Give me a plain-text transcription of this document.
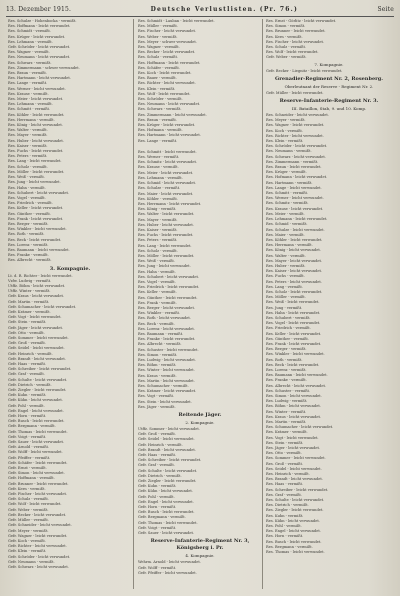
13. Dezember 1915.	Deutsche Verlustlisten. (Pr. 76.)	Seite
Res. Schulze - Hohenbocka - vermißt.
Res. Hoffmann - leicht verwundet.
Res. Schmidt - vermißt.
Res. Krüger - leicht verwundet.
Res. Lehmann - vermißt.
Gefr. Schröder - leicht verwundet.
Res. Wagner - vermißt.
Res. Neumann - leicht verwundet.
Res. Schwarz - vermißt.
Res. Zimmermann - schwer verwundet.
Res. Braun - vermißt.
Res. Hartmann - leicht verwundet.
Res. Lange - vermißt.
Res. Werner - leicht verwundet.
Res. Krause - vermißt.
Res. Meier - leicht verwundet.
Res. Lehmann - vermißt.
Res. Schmitt - vermißt.
Res. Köhler - leicht verwundet.
Res. Herrmann - vermißt.
Res. König - leicht verwundet.
Res. Walter - vermißt.
Res. Mayer - vermißt.
Res. Huber - leicht verwundet.
Res. Kaiser - vermißt.
Res. Fuchs - leicht verwundet.
Res. Peters - vermißt.
Res. Lang - leicht verwundet.
Res. Scholz - vermißt.
Res. Möller - leicht verwundet.
Res. Weiß - vermißt.
Res. Jung - leicht verwundet.
Res. Hahn - vermißt.
Res. Schubert - leicht verwundet.
Res. Vogel - vermißt.
Res. Friedrich - vermißt.
Res. Keller - leicht verwundet.
Res. Günther - vermißt.
Res. Frank - leicht verwundet.
Res. Berger - vermißt.
Res. Winkler - leicht verwundet.
Res. Roth - vermißt.
Res. Beck - leicht verwundet.
Res. Lorenz - vermißt.
Res. Baumann - leicht verwundet.
Res. Franke - vermißt.
Res. Albrecht - vermißt.
3. Kompagnie.
Lt. d. R. Richter - leicht verwundet.
Vzfw. Ludwig - vermißt.
Utffz. Böhm - leicht verwundet.
Utffz. Winter - vermißt.
Gefr. Kraus - leicht verwundet.
Gefr. Martin - vermißt.
Gefr. Schumacher - leicht verwundet.
Gefr. Krämer - vermißt.
Gefr. Vogt - leicht verwundet.
Gefr. Stein - vermißt.
Gefr. Jäger - leicht verwundet.
Gefr. Otto - vermißt.
Gefr. Sommer - leicht verwundet.
Gefr. Groß - vermißt.
Gefr. Seidel - leicht verwundet.
Gefr. Heinrich - vermißt.
Gefr. Brandt - leicht verwundet.
Gefr. Haas - vermißt.
Gefr. Schreiber - leicht verwundet.
Gefr. Graf - vermißt.
Gefr. Schulte - leicht verwundet.
Gefr. Dietrich - vermißt.
Gefr. Ziegler - leicht verwundet.
Gefr. Kuhn - vermißt.
Gefr. Kühn - leicht verwundet.
Gefr. Pohl - vermißt.
Gefr. Engel - leicht verwundet.
Gefr. Horn - vermißt.
Gefr. Busch - leicht verwundet.
Gefr. Bergmann - vermißt.
Gefr. Thomas - leicht verwundet.
Gefr. Voigt - vermißt.
Gefr. Sauer - leicht verwundet.
Gefr. Arnold - vermißt.
Gefr. Wolff - leicht verwundet.
Gefr. Pfeiffer - vermißt.
Gefr. Schäfer - leicht verwundet.
Gefr. Ernst - vermißt.
Gefr. Simon - leicht verwundet.
Gefr. Hoffmann - vermißt.
Gefr. Brunner - leicht verwundet.
Gefr. Kern - vermißt.
Gefr. Fischer - leicht verwundet.
Gefr. Schulz - vermißt.
Gefr. Wolf - leicht verwundet.
Gefr. Weber - vermißt.
Gefr. Becker - leicht verwundet.
Gefr. Müller - vermißt.
Gefr. Schneider - leicht verwundet.
Gefr. Meyer - vermißt.
Gefr. Wagner - leicht verwundet.
Gefr. Koch - vermißt.
Gefr. Richter - leicht verwundet.
Gefr. Klein - vermißt.
Gefr. Schröder - leicht verwundet.
Gefr. Neumann - vermißt.
Gefr. Schwarz - leicht verwundet.
Res. Schmidt - Lauban - leicht verwundet.
Res. Müller - vermißt.
Res. Fischer - leicht verwundet.
Res. Weber - vermißt.
Res. Meyer - schwer verwundet.
Res. Wagner - vermißt.
Res. Becker - leicht verwundet.
Res. Schulz - vermißt.
Res. Hoffmann - leicht verwundet.
Res. Schäfer - vermißt.
Res. Koch - leicht verwundet.
Res. Bauer - vermißt.
Res. Richter - leicht verwundet.
Res. Klein - vermißt.
Res. Wolf - leicht verwundet.
Res. Schröder - vermißt.
Res. Neumann - leicht verwundet.
Res. Schwarz - vermißt.
Res. Zimmermann - leicht verwundet.
Res. Braun - vermißt.
Res. Krüger - leicht verwundet.
Res. Hofmann - vermißt.
Res. Hartmann - leicht verwundet.
Res. Lange - vermißt.
Res. Schmitt - leicht verwundet.
Res. Werner - vermißt.
Res. Schmitz - leicht verwundet.
Res. Krause - vermißt.
Res. Meier - leicht verwundet.
Res. Lehmann - vermißt.
Res. Schmid - leicht verwundet.
Res. Schulze - vermißt.
Res. Maier - leicht verwundet.
Res. Köhler - vermißt.
Res. Herrmann - leicht verwundet.
Res. König - vermißt.
Res. Walter - leicht verwundet.
Res. Mayer - vermißt.
Res. Huber - leicht verwundet.
Res. Kaiser - vermißt.
Res. Fuchs - leicht verwundet.
Res. Peters - vermißt.
Res. Lang - leicht verwundet.
Res. Scholz - vermißt.
Res. Möller - leicht verwundet.
Res. Weiß - vermißt.
Res. Jung - leicht verwundet.
Res. Hahn - vermißt.
Res. Schubert - leicht verwundet.
Res. Vogel - vermißt.
Res. Friedrich - leicht verwundet.
Res. Keller - vermißt.
Res. Günther - leicht verwundet.
Res. Frank - vermißt.
Res. Berger - leicht verwundet.
Res. Winkler - vermißt.
Res. Roth - leicht verwundet.
Res. Beck - vermißt.
Res. Lorenz - leicht verwundet.
Res. Baumann - vermißt.
Res. Franke - leicht verwundet.
Res. Albrecht - vermißt.
Res. Schuster - leicht verwundet.
Res. Simon - vermißt.
Res. Ludwig - leicht verwundet.
Res. Böhm - vermißt.
Res. Winter - leicht verwundet.
Res. Kraus - vermißt.
Res. Martin - leicht verwundet.
Res. Schumacher - vermißt.
Res. Krämer - leicht verwundet.
Res. Vogt - vermißt.
Res. Stein - leicht verwundet.
Res. Jäger - vermißt.
Reitende Jäger.
2. Kompagnie.
Utffz. Sommer - leicht verwundet.
Gefr. Groß - vermißt.
Gefr. Seidel - leicht verwundet.
Gefr. Heinrich - vermißt.
Gefr. Brandt - leicht verwundet.
Gefr. Haas - vermißt.
Gefr. Schreiber - leicht verwundet.
Gefr. Graf - vermißt.
Gefr. Schulte - leicht verwundet.
Gefr. Dietrich - vermißt.
Gefr. Ziegler - leicht verwundet.
Gefr. Kuhn - vermißt.
Gefr. Kühn - leicht verwundet.
Gefr. Pohl - vermißt.
Gefr. Engel - leicht verwundet.
Gefr. Horn - vermißt.
Gefr. Busch - leicht verwundet.
Gefr. Bergmann - vermißt.
Gefr. Thomas - leicht verwundet.
Gefr. Voigt - vermißt.
Gefr. Sauer - leicht verwundet.
Reserve-Infanterie-Regiment Nr. 3, Königsberg i. Pr.
4. Kompagnie.
Wehrm. Arnold - leicht verwundet.
Gefr. Wolff - vermißt.
Gefr. Pfeiffer - leicht verwundet.
Res. Ernst - Görlitz - leicht verwundet.
Res. Simon - vermißt.
Res. Brunner - leicht verwundet.
Res. Kern - vermißt.
Res. Fischer - leicht verwundet.
Res. Schulz - vermißt.
Res. Wolf - leicht verwundet.
Gefr. Weber - vermißt.
7. Kompagnie.
Gefr. Becker - Liegnitz - leicht verwundet.
Grenadier-Regiment Nr. 2, Rosenberg.
Oberleutnant der Reserve - Regiment Nr. 2.
Gefr. Müller - leicht verwundet.
Reserve-Infanterie-Regiment Nr. 3.
III. Bataillon, Stab, 9. und 10. Komp.
Res. Schneider - leicht verwundet.
Res. Meyer - vermißt.
Res. Wagner - leicht verwundet.
Res. Koch - vermißt.
Res. Richter - leicht verwundet.
Res. Klein - vermißt.
Res. Schröder - leicht verwundet.
Res. Neumann - vermißt.
Res. Schwarz - leicht verwundet.
Res. Zimmermann - vermißt.
Res. Braun - leicht verwundet.
Res. Krüger - vermißt.
Res. Hofmann - leicht verwundet.
Res. Hartmann - vermißt.
Res. Lange - leicht verwundet.
Res. Schmitt - vermißt.
Res. Werner - leicht verwundet.
Res. Schmitz - vermißt.
Res. Krause - leicht verwundet.
Res. Meier - vermißt.
Res. Lehmann - leicht verwundet.
Res. Schmid - vermißt.
Res. Schulze - leicht verwundet.
Res. Maier - vermißt.
Res. Köhler - leicht verwundet.
Res. Herrmann - vermißt.
Res. König - leicht verwundet.
Res. Walter - vermißt.
Res. Mayer - leicht verwundet.
Res. Huber - vermißt.
Res. Kaiser - leicht verwundet.
Res. Fuchs - vermißt.
Res. Peters - leicht verwundet.
Res. Lang - vermißt.
Res. Scholz - leicht verwundet.
Res. Möller - vermißt.
Res. Weiß - leicht verwundet.
Res. Jung - vermißt.
Res. Hahn - leicht verwundet.
Res. Schubert - vermißt.
Res. Vogel - leicht verwundet.
Res. Friedrich - vermißt.
Res. Keller - leicht verwundet.
Res. Günther - vermißt.
Res. Frank - leicht verwundet.
Res. Berger - vermißt.
Res. Winkler - leicht verwundet.
Res. Roth - vermißt.
Res. Beck - leicht verwundet.
Res. Lorenz - vermißt.
Res. Baumann - leicht verwundet.
Res. Franke - vermißt.
Res. Albrecht - leicht verwundet.
Res. Schuster - vermißt.
Res. Simon - leicht verwundet.
Res. Ludwig - vermißt.
Res. Böhm - leicht verwundet.
Res. Winter - vermißt.
Res. Kraus - leicht verwundet.
Res. Martin - vermißt.
Res. Schumacher - leicht verwundet.
Res. Krämer - vermißt.
Res. Vogt - leicht verwundet.
Res. Stein - vermißt.
Res. Jäger - leicht verwundet.
Res. Otto - vermißt.
Res. Sommer - leicht verwundet.
Res. Groß - vermißt.
Res. Seidel - leicht verwundet.
Res. Heinrich - vermißt.
Res. Brandt - leicht verwundet.
Res. Haas - vermißt.
Res. Schreiber - leicht verwundet.
Res. Graf - vermißt.
Res. Schulte - leicht verwundet.
Res. Dietrich - vermißt.
Res. Ziegler - leicht verwundet.
Res. Kuhn - vermißt.
Res. Kühn - leicht verwundet.
Res. Pohl - vermißt.
Res. Engel - leicht verwundet.
Res. Horn - vermißt.
Res. Busch - leicht verwundet.
Res. Bergmann - vermißt.
Res. Thomas - leicht verwundet.
